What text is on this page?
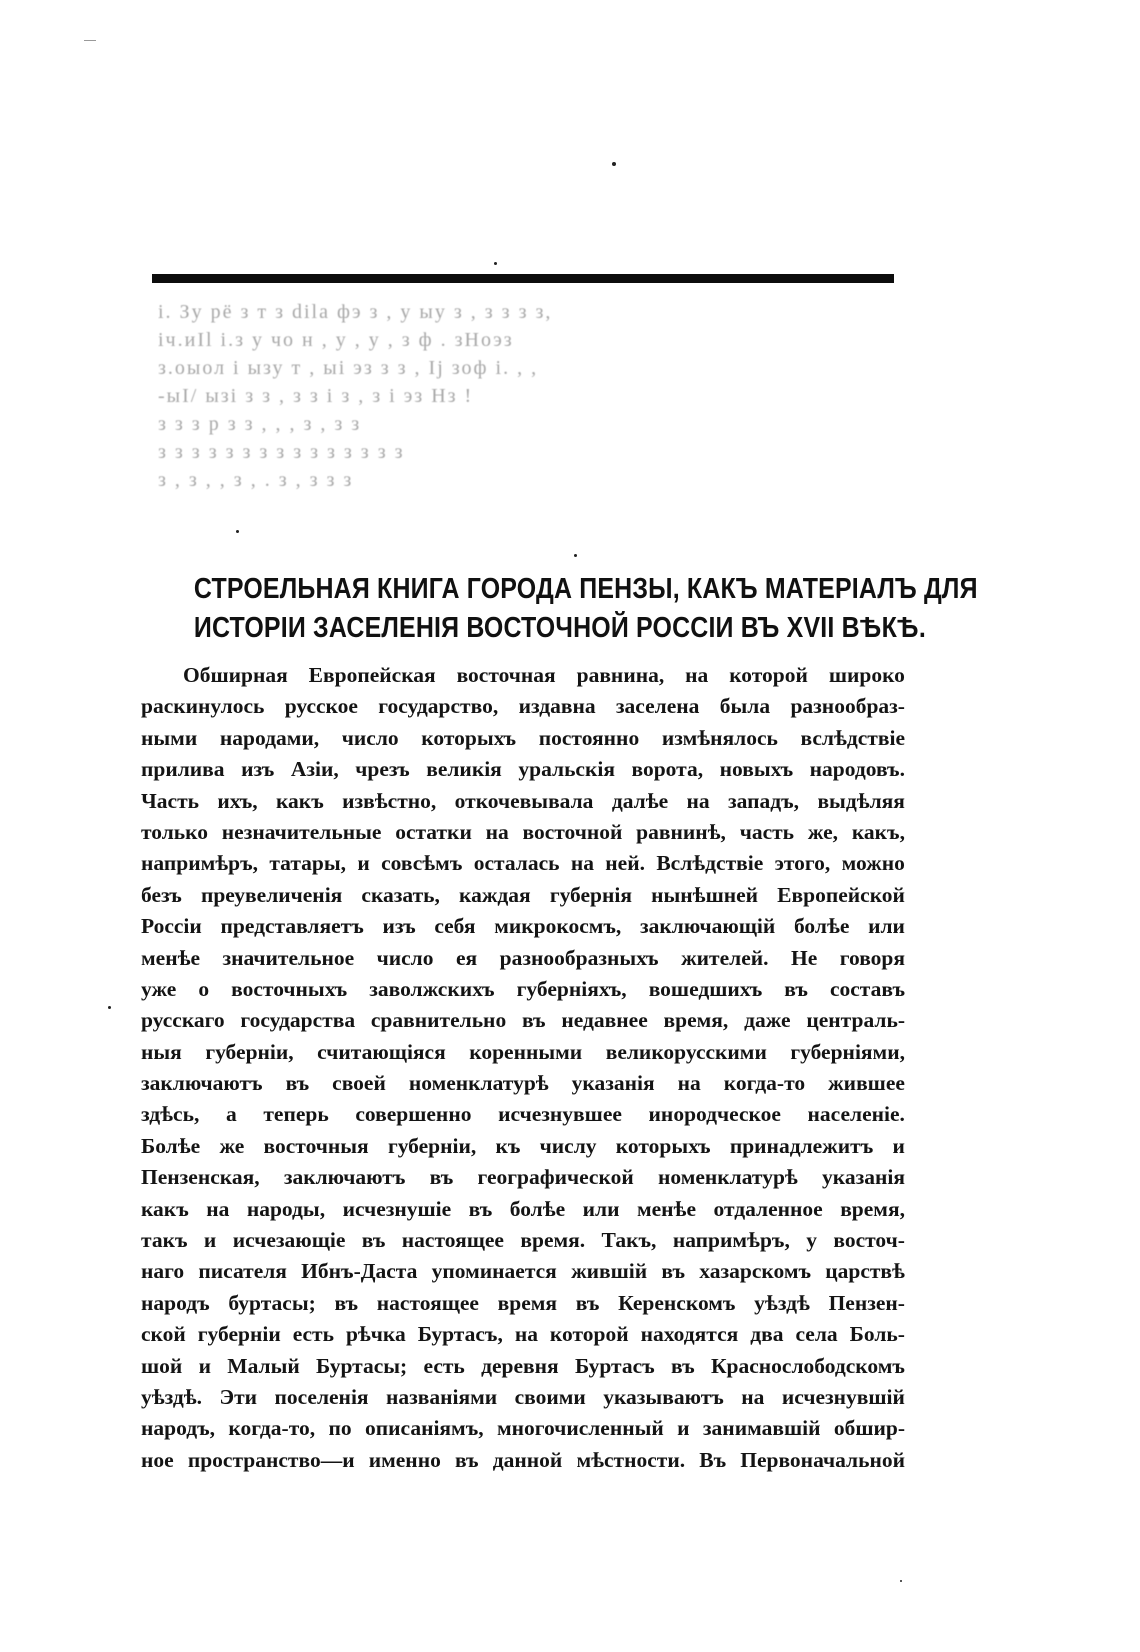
і. Зу рё з т з dila фэ з , у ыу з , з з з з,

іч.иIl і.з у чо н , у , у , з ф . зНоэз

з.оыол і ызу т , ыі эз з з , Ij зоф і. , ,

-ыІ/ ызі з з , з з і з , з і эз Нз !

з з з р з з , , , з , з з

з з з з з з з з з з з з з з з

з , з , , з , . з , з з з

СТРОЕЛЬНАЯ КНИГА ГОРОДА ПЕНЗЫ, КАКЪ МАТЕРІАЛЪ ДЛЯ
ИСТОРІИ ЗАСЕЛЕНІЯ ВОСТОЧНОЙ РОССІИ ВЪ XVII ВѢКѢ.
Обширная Европейская восточная равнина, на которой широко
раскинулось русское государство, издавна заселена была разнообраз-
ными народами, число которыхъ постоянно измѣнялось вслѣдствіе
прилива изъ Азіи, чрезъ великія уральскія ворота, новыхъ народовъ.
Часть ихъ, какъ извѣстно, откочевывала далѣе на западъ, выдѣляя
только незначительные остатки на восточной равнинѣ, часть же, какъ,
напримѣръ, татары, и совсѣмъ осталась на ней. Вслѣдствіе этого, можно
безъ преувеличенія сказать, каждая губернія нынѣшней Европейской
Россіи представляетъ изъ себя микрокосмъ, заключающій болѣе или
менѣе значительное число ея разнообразныхъ жителей. Не говоря
уже о восточныхъ заволжскихъ губерніяхъ, вошедшихъ въ составъ
русскаго государства сравнительно въ недавнее время, даже централь-
ныя губерніи, считающіяся коренными великорусскими губерніями,
заключаютъ въ своей номенклатурѣ указанія на когда-то жившее
здѣсь, а теперь совершенно исчезнувшее инородческое населеніе.
Болѣе же восточныя губерніи, къ числу которыхъ принадлежитъ и
Пензенская, заключаютъ въ географической номенклатурѣ указанія
какъ на народы, исчезнушіе въ болѣе или менѣе отдаленное время,
такъ и исчезающіе въ настоящее время. Такъ, напримѣръ, у восточ-
наго писателя Ибнъ-Даста упоминается жившій въ хазарскомъ царствѣ
народъ буртасы; въ настоящее время въ Керенскомъ уѣздѣ Пензен-
ской губерніи есть рѣчка Буртасъ, на которой находятся два села Боль-
шой и Малый Буртасы; есть деревня Буртасъ въ Краснослободскомъ
уѣздѣ. Эти поселенія названіями своими указываютъ на исчезнувшій
народъ, когда-то, по описаніямъ, многочисленный и занимавшій обшир-
ное пространство—и именно въ данной мѣстности. Въ Первоначальной
